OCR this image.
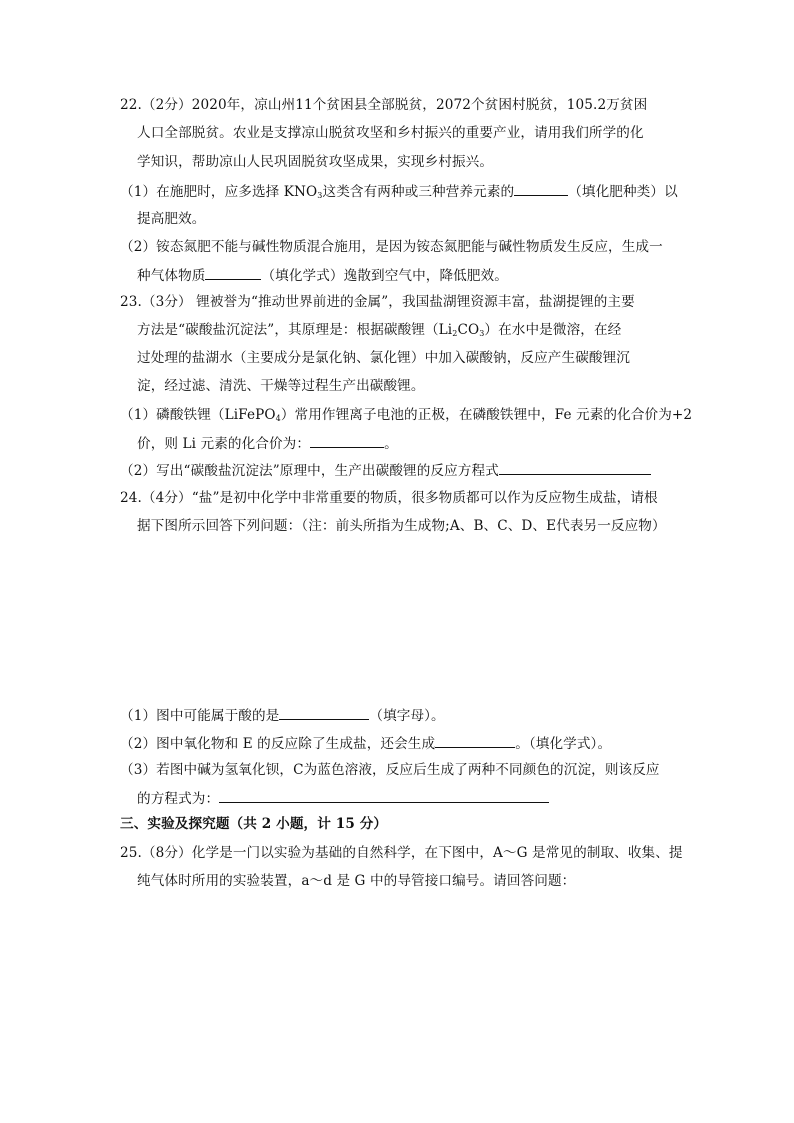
22.（2分）2020年，凉山州11个贫困县全部脱贫，2072个贫困村脱贫，105.2万贫困
人口全部脱贫。农业是支撑凉山脱贫攻坚和乡村振兴的重要产业，请用我们所学的化
学知识，帮助凉山人民巩固脱贫攻坚成果，实现乡村振兴。
（1）在施肥时，应多选择 $KNO_3$这类含有两种或三种营养元素的	（填化肥种类）以
提高肥效。
（2）铵态氮肥不能与碱性物质混合施用，是因为铵态氮肥能与碱性物质发生反应，生成一
种气体物质	（填化学式）逸散到空气中，降低肥效。
23.（3分） 锂被誉为“推动世界前进的金属”，我国盐湖锂资源丰富，盐湖提锂的主要
方法是“碳酸盐沉淀法”，其原理是：根据碳酸锂$(Li_2CO_3)$在水中是微溶，在经
过处理的盐湖水（主要成分是氯化钠、氯化锂）中加入碳酸钠，反应产生碳酸锂沉
淀，经过滤、清洗、干燥等过程生产出碳酸锂。
（1）磷酸铁锂（LiFePO$_4$）常用作锂离子电池的正极，在磷酸铁锂中，Fe 元素的化合价为+2
价，则 Li 元素的化合价为：	。
（2）写出“碳酸盐沉淀法”原理中，生产出碳酸锂的反应方程式
24.（4分）“盐”是初中化学中非常重要的物质，很多物质都可以作为反应物生成盐，请根
据下图所示回答下列问题：（注：前头所指为生成物;A、B、C、D、E代表另一反应物）
（1）图中可能属于酸的是	（填字母）。
（2）图中氧化物和 E 的反应除了生成盐，还会生成	。（填化学式）。
（3）若图中碱为氢氧化钡，C为蓝色溶液，反应后生成了两种不同颜色的沉淀，则该反应
的方程式为：
三、实验及探究题（共 2 小题，计 15 分）
25.（8分）化学是一门以实验为基础的自然科学，在下图中，A～G 是常见的制取、收集、提
纯气体时所用的实验装置，a～d 是 G 中的导管接口编号。请回答问题：
